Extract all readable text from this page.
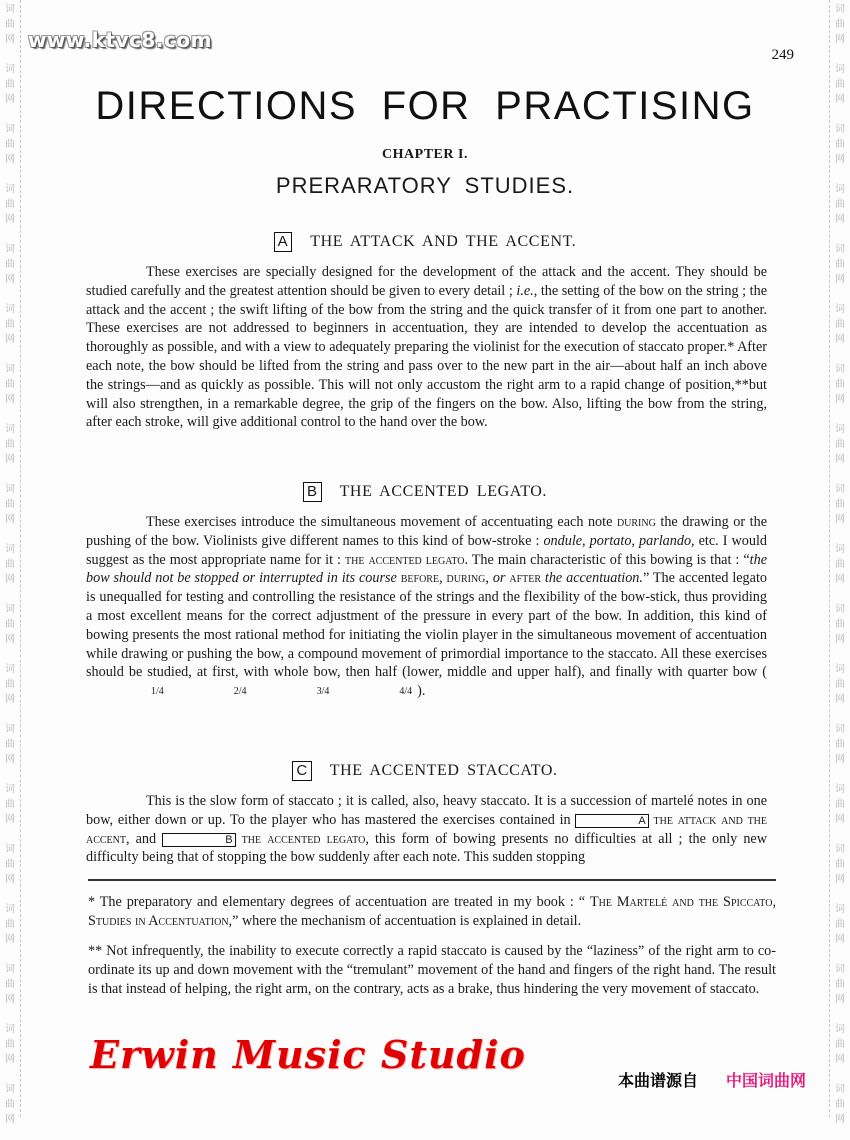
词
曲
网
词
曲
网
词
曲
网
词
曲
网
词
曲
网
词
曲
网
词
曲
网
词
曲
网
词
曲
网
词
曲
网
词
曲
网
词
曲
网
词
曲
网
词
曲
网
词
曲
网
词
曲
网
词
曲
网
词
曲
网
词
曲
网
词
曲
网
词
曲
网
词
曲
网
词
曲
网
词
曲
网
词
曲
网
词
曲
网
词
曲
网
词
曲
网
词
曲
网
词
曲
网
词
曲
网
词
曲
网
词
曲
网
词
曲
网
词
曲
网
词
曲
网
词
曲
网
词
曲
网
www.ktvc8.com
249
DIRECTIONS FOR PRACTISING
CHAPTER I.
PRERARATORY STUDIES.
A THE ATTACK AND THE ACCENT.
These exercises are specially designed for the development of the attack and the accent. They should be studied carefully and the greatest attention should be given to every detail ; i.e., the setting of the bow on the string ; the attack and the accent ; the swift lifting of the bow from the string and the quick transfer of it from one part to another. These exercises are not addressed to beginners in accentuation, they are intended to develop the accentuation as thoroughly as possible, and with a view to adequately preparing the violinist for the execution of staccato proper.* After each note, the bow should be lifted from the string and pass over to the new part in the air—about half an inch above the strings—and as quickly as possible. This will not only accustom the right arm to a rapid change of position,**but will also strengthen, in a remarkable degree, the grip of the fingers on the bow. Also, lifting the bow from the string, after each stroke, will give additional control to the hand over the bow.
B THE ACCENTED LEGATO.
These exercises introduce the simultaneous movement of accentuating each note during the drawing or the pushing of the bow. Violinists give different names to this kind of bow-stroke : ondule, portato, parlando, etc. I would suggest as the most appropriate name for it : the accented legato. The main characteristic of this bowing is that : “the bow should not be stopped or interrupted in its course before, during, or after the accentuation.” The accented legato is unequalled for testing and controlling the resistance of the strings and the flexibility of the bow-stick, thus providing a most excellent means for the correct adjustment of the pressure in every part of the bow. In addition, this kind of bowing presents the most rational method for initiating the violin player in the simultaneous movement of accentuation while drawing or pushing the bow, a compound movement of primordial importance to the staccato. All these exercises should be studied, at first, with whole bow, then half (lower, middle and upper half), and finally with quarter bow (1/4	2/4	3/4	4/4 ).
C THE ACCENTED STACCATO.
This is the slow form of staccato ; it is called, also, heavy staccato. It is a succession of martelé notes in one bow, either down or up. To the player who has mastered the exercises contained in	A the attack and the accent, and	B the accented legato, this form of bowing presents no difficulties at all ; the only new difficulty being that of stopping the bow suddenly after each note. This sudden stopping
* The preparatory and elementary degrees of accentuation are treated in my book : “ The Martelé and the Spiccato, Studies in Accentuation,” where the mechanism of accentuation is explained in detail.
** Not infrequently, the inability to execute correctly a rapid staccato is caused by the “laziness” of the right arm to co-ordinate its up and down movement with the “tremulant” movement of the hand and fingers of the right hand. The result is that instead of helping, the right arm, on the contrary, acts as a brake, thus hindering the very movement of staccato.
Erwin Music Studio
本曲谱源自 中国词曲网
